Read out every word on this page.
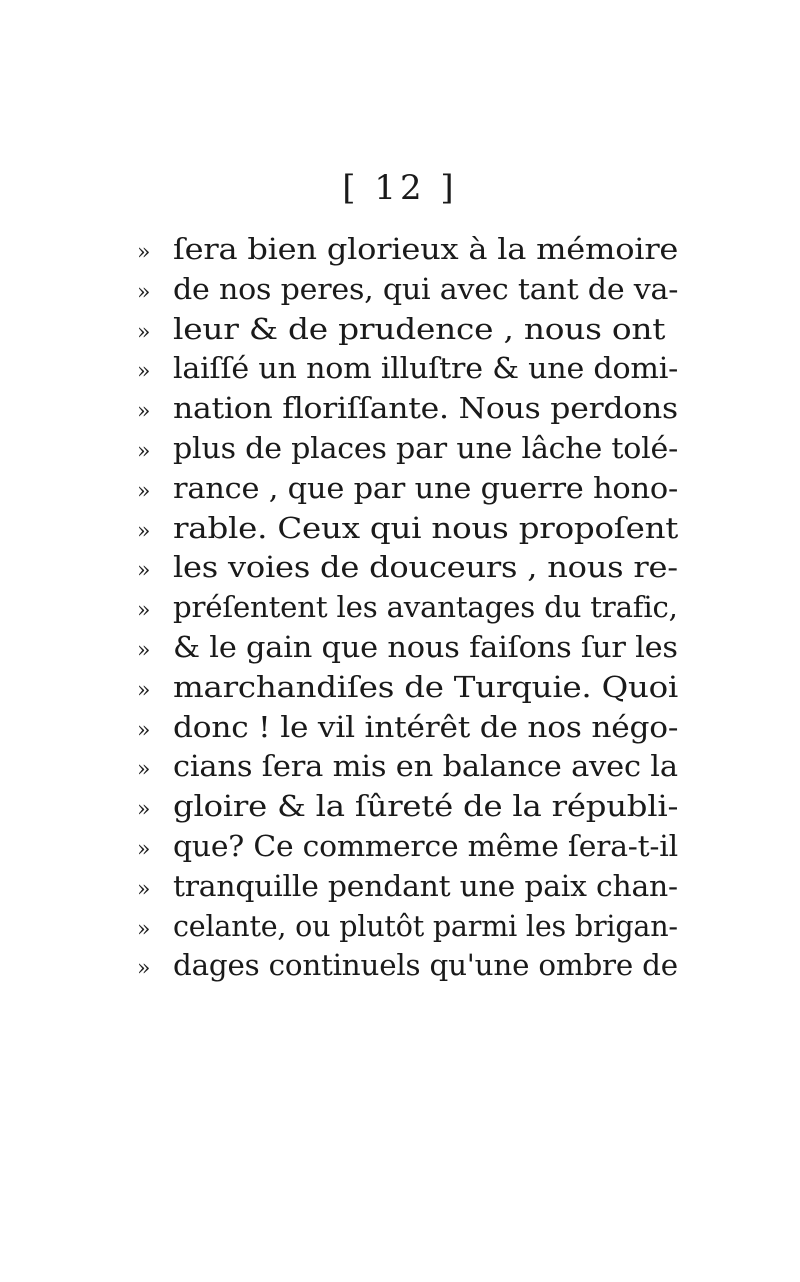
[ 12 ]
» ſera bien glorieux à la mémoire
» de nos peres, qui avec tant de va-
» leur & de prudence , nous ont
» laiſſé un nom illuſtre & une domi-
» nation floriſſante. Nous perdons
» plus de places par une lâche tolé-
» rance , que par une guerre hono-
» rable. Ceux qui nous propoſent
» les voies de douceurs , nous re-
» préſentent les avantages du trafic,
» & le gain que nous faiſons ſur les
» marchandiſes de Turquie. Quoi
» donc ! le vil intérêt de nos négo-
» cians ſera mis en balance avec la
» gloire & la ſûreté de la républi-
» que? Ce commerce même ſera-t-il
» tranquille pendant une paix chan-
» celante, ou plutôt parmi les brigan-
» dages continuels qu'une ombre de
